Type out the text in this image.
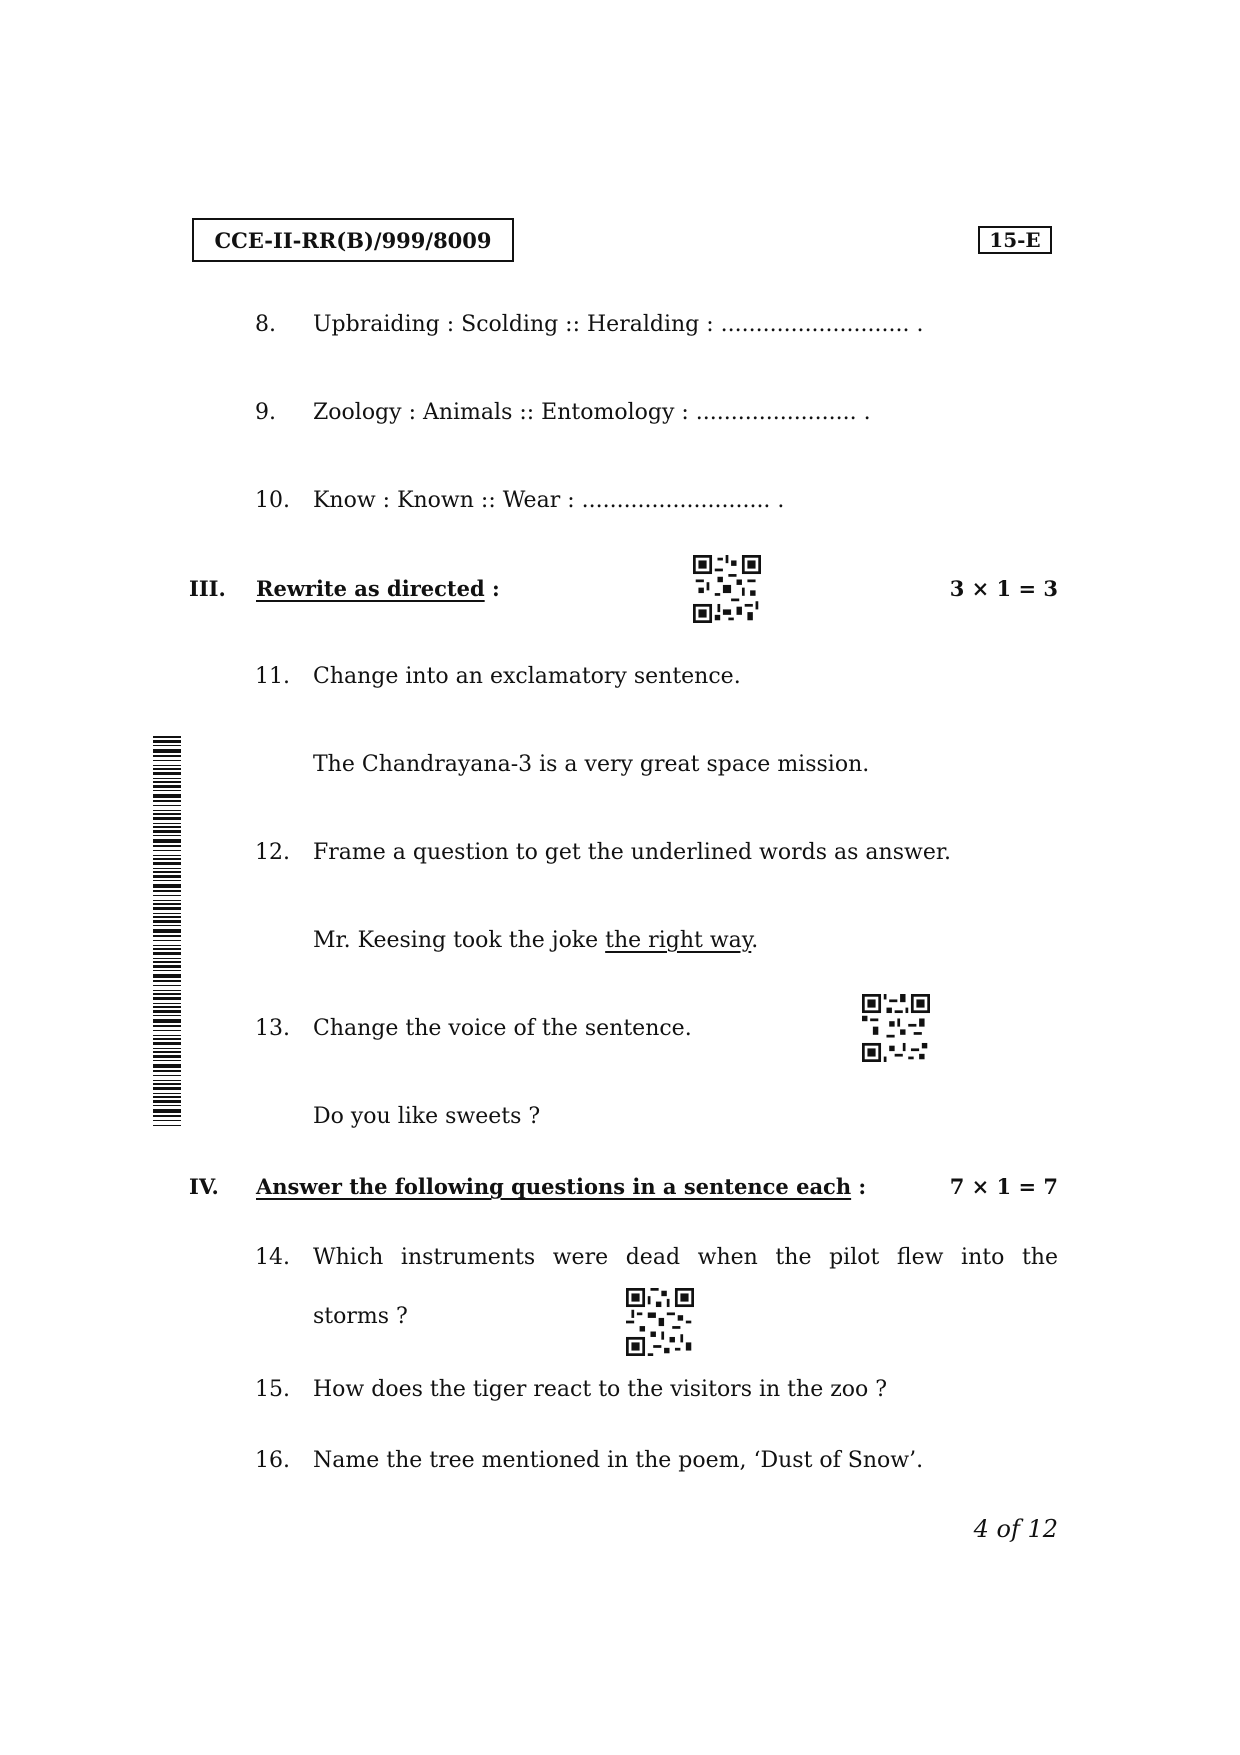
CCE-II-RR(B)/999/8009	15-E
8.	Upbraiding : Scolding :: Heralding : ........................... .
9.	Zoology : Animals :: Entomology : ....................... .
10.	Know : Known :: Wear : ........................... .
III. Rewrite as directed :	3 × 1 = 3
11.	Change into an exclamatory sentence.
The Chandrayana-3 is a very great space mission.
12.	Frame a question to get the underlined words as answer.
Mr. Keesing took the joke the right way.
13.	Change the voice of the sentence.
Do you like sweets ?
IV. Answer the following questions in a sentence each :	7 × 1 = 7
14.	Which instruments were dead when the pilot flew into the
storms ?
15.	How does the tiger react to the visitors in the zoo ?
16.	Name the tree mentioned in the poem, ‘Dust of Snow’.
4 of 12
